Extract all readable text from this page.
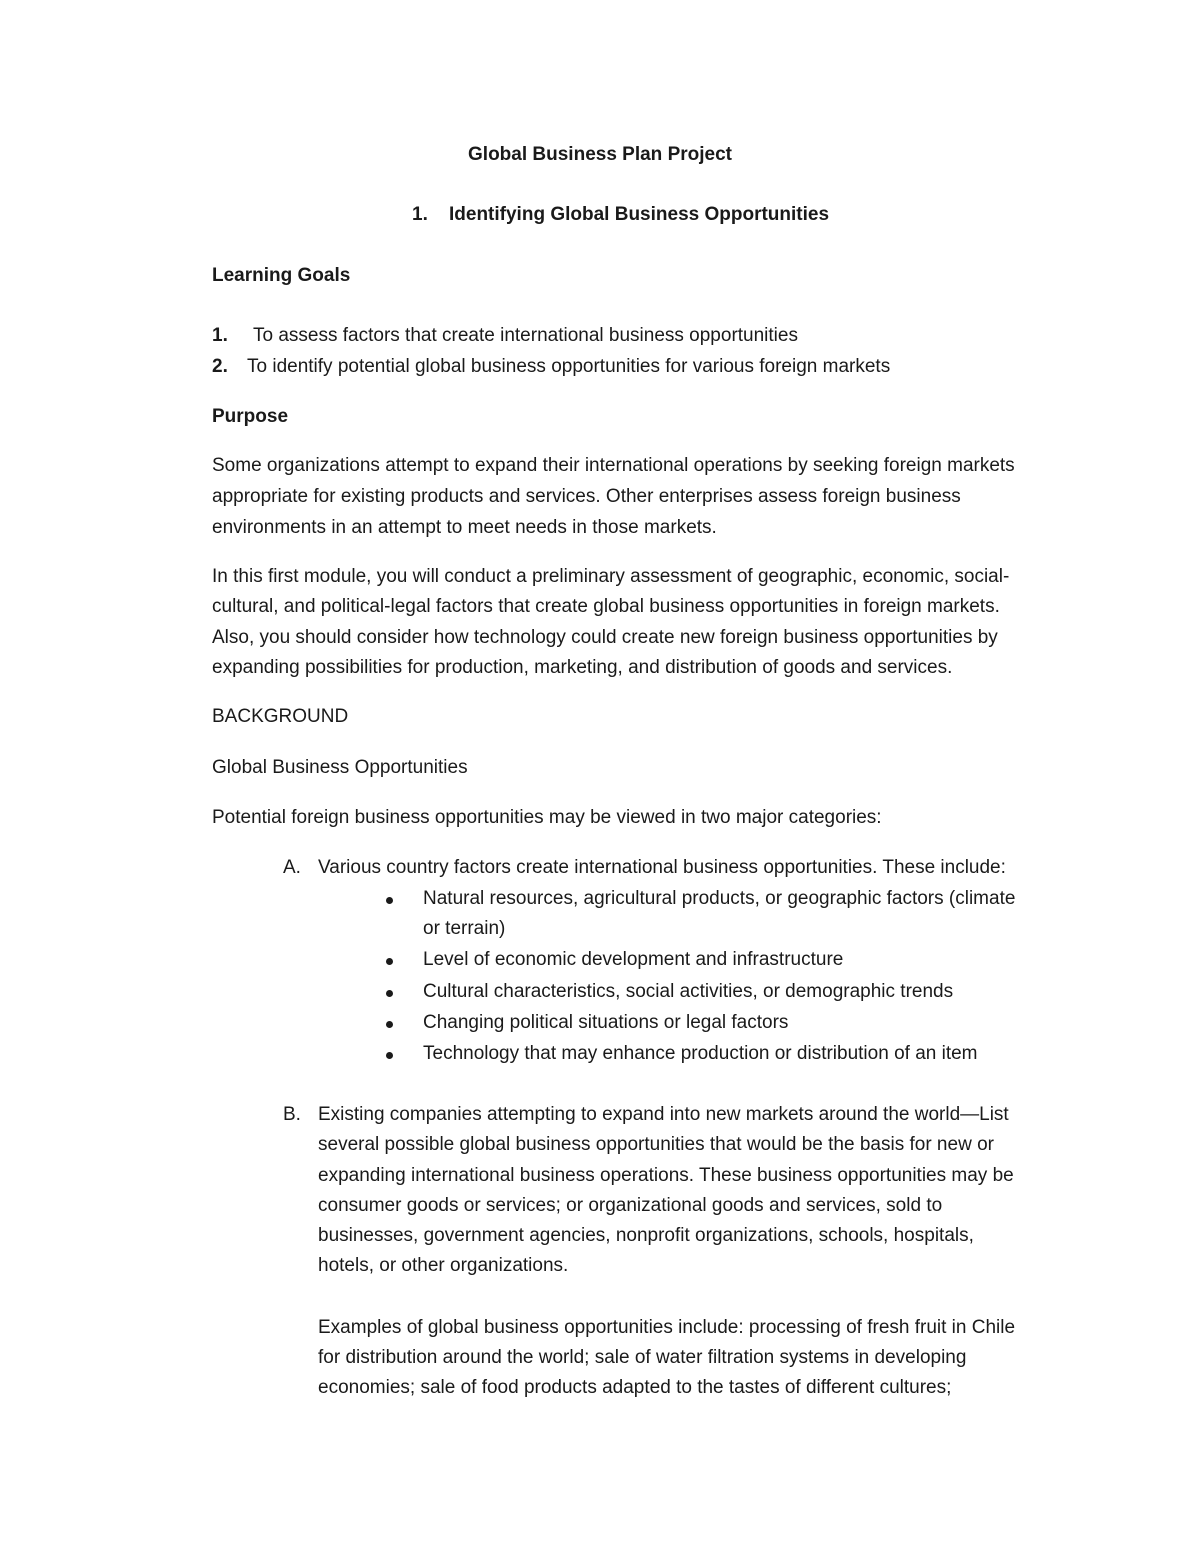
Global Business Plan Project
1. Identifying Global Business Opportunities
Learning Goals
1. To assess factors that create international business opportunities
2. To identify potential global business opportunities for various foreign markets
Purpose
Some organizations attempt to expand their international operations by seeking foreign markets
appropriate for existing products and services. Other enterprises assess foreign business
environments in an attempt to meet needs in those markets.
In this first module, you will conduct a preliminary assessment of geographic, economic, social-
cultural, and political-legal factors that create global business opportunities in foreign markets.
Also, you should consider how technology could create new foreign business opportunities by
expanding possibilities for production, marketing, and distribution of goods and services.
BACKGROUND
Global Business Opportunities
Potential foreign business opportunities may be viewed in two major categories:
A. Various country factors create international business opportunities. These include:
Natural resources, agricultural products, or geographic factors (climate
or terrain)
Level of economic development and infrastructure
Cultural characteristics, social activities, or demographic trends
Changing political situations or legal factors
Technology that may enhance production or distribution of an item
B. Existing companies attempting to expand into new markets around the world—List
several possible global business opportunities that would be the basis for new or
expanding international business operations. These business opportunities may be
consumer goods or services; or organizational goods and services, sold to
businesses, government agencies, nonprofit organizations, schools, hospitals,
hotels, or other organizations.
Examples of global business opportunities include: processing of fresh fruit in Chile
for distribution around the world; sale of water filtration systems in developing
economies; sale of food products adapted to the tastes of different cultures;
